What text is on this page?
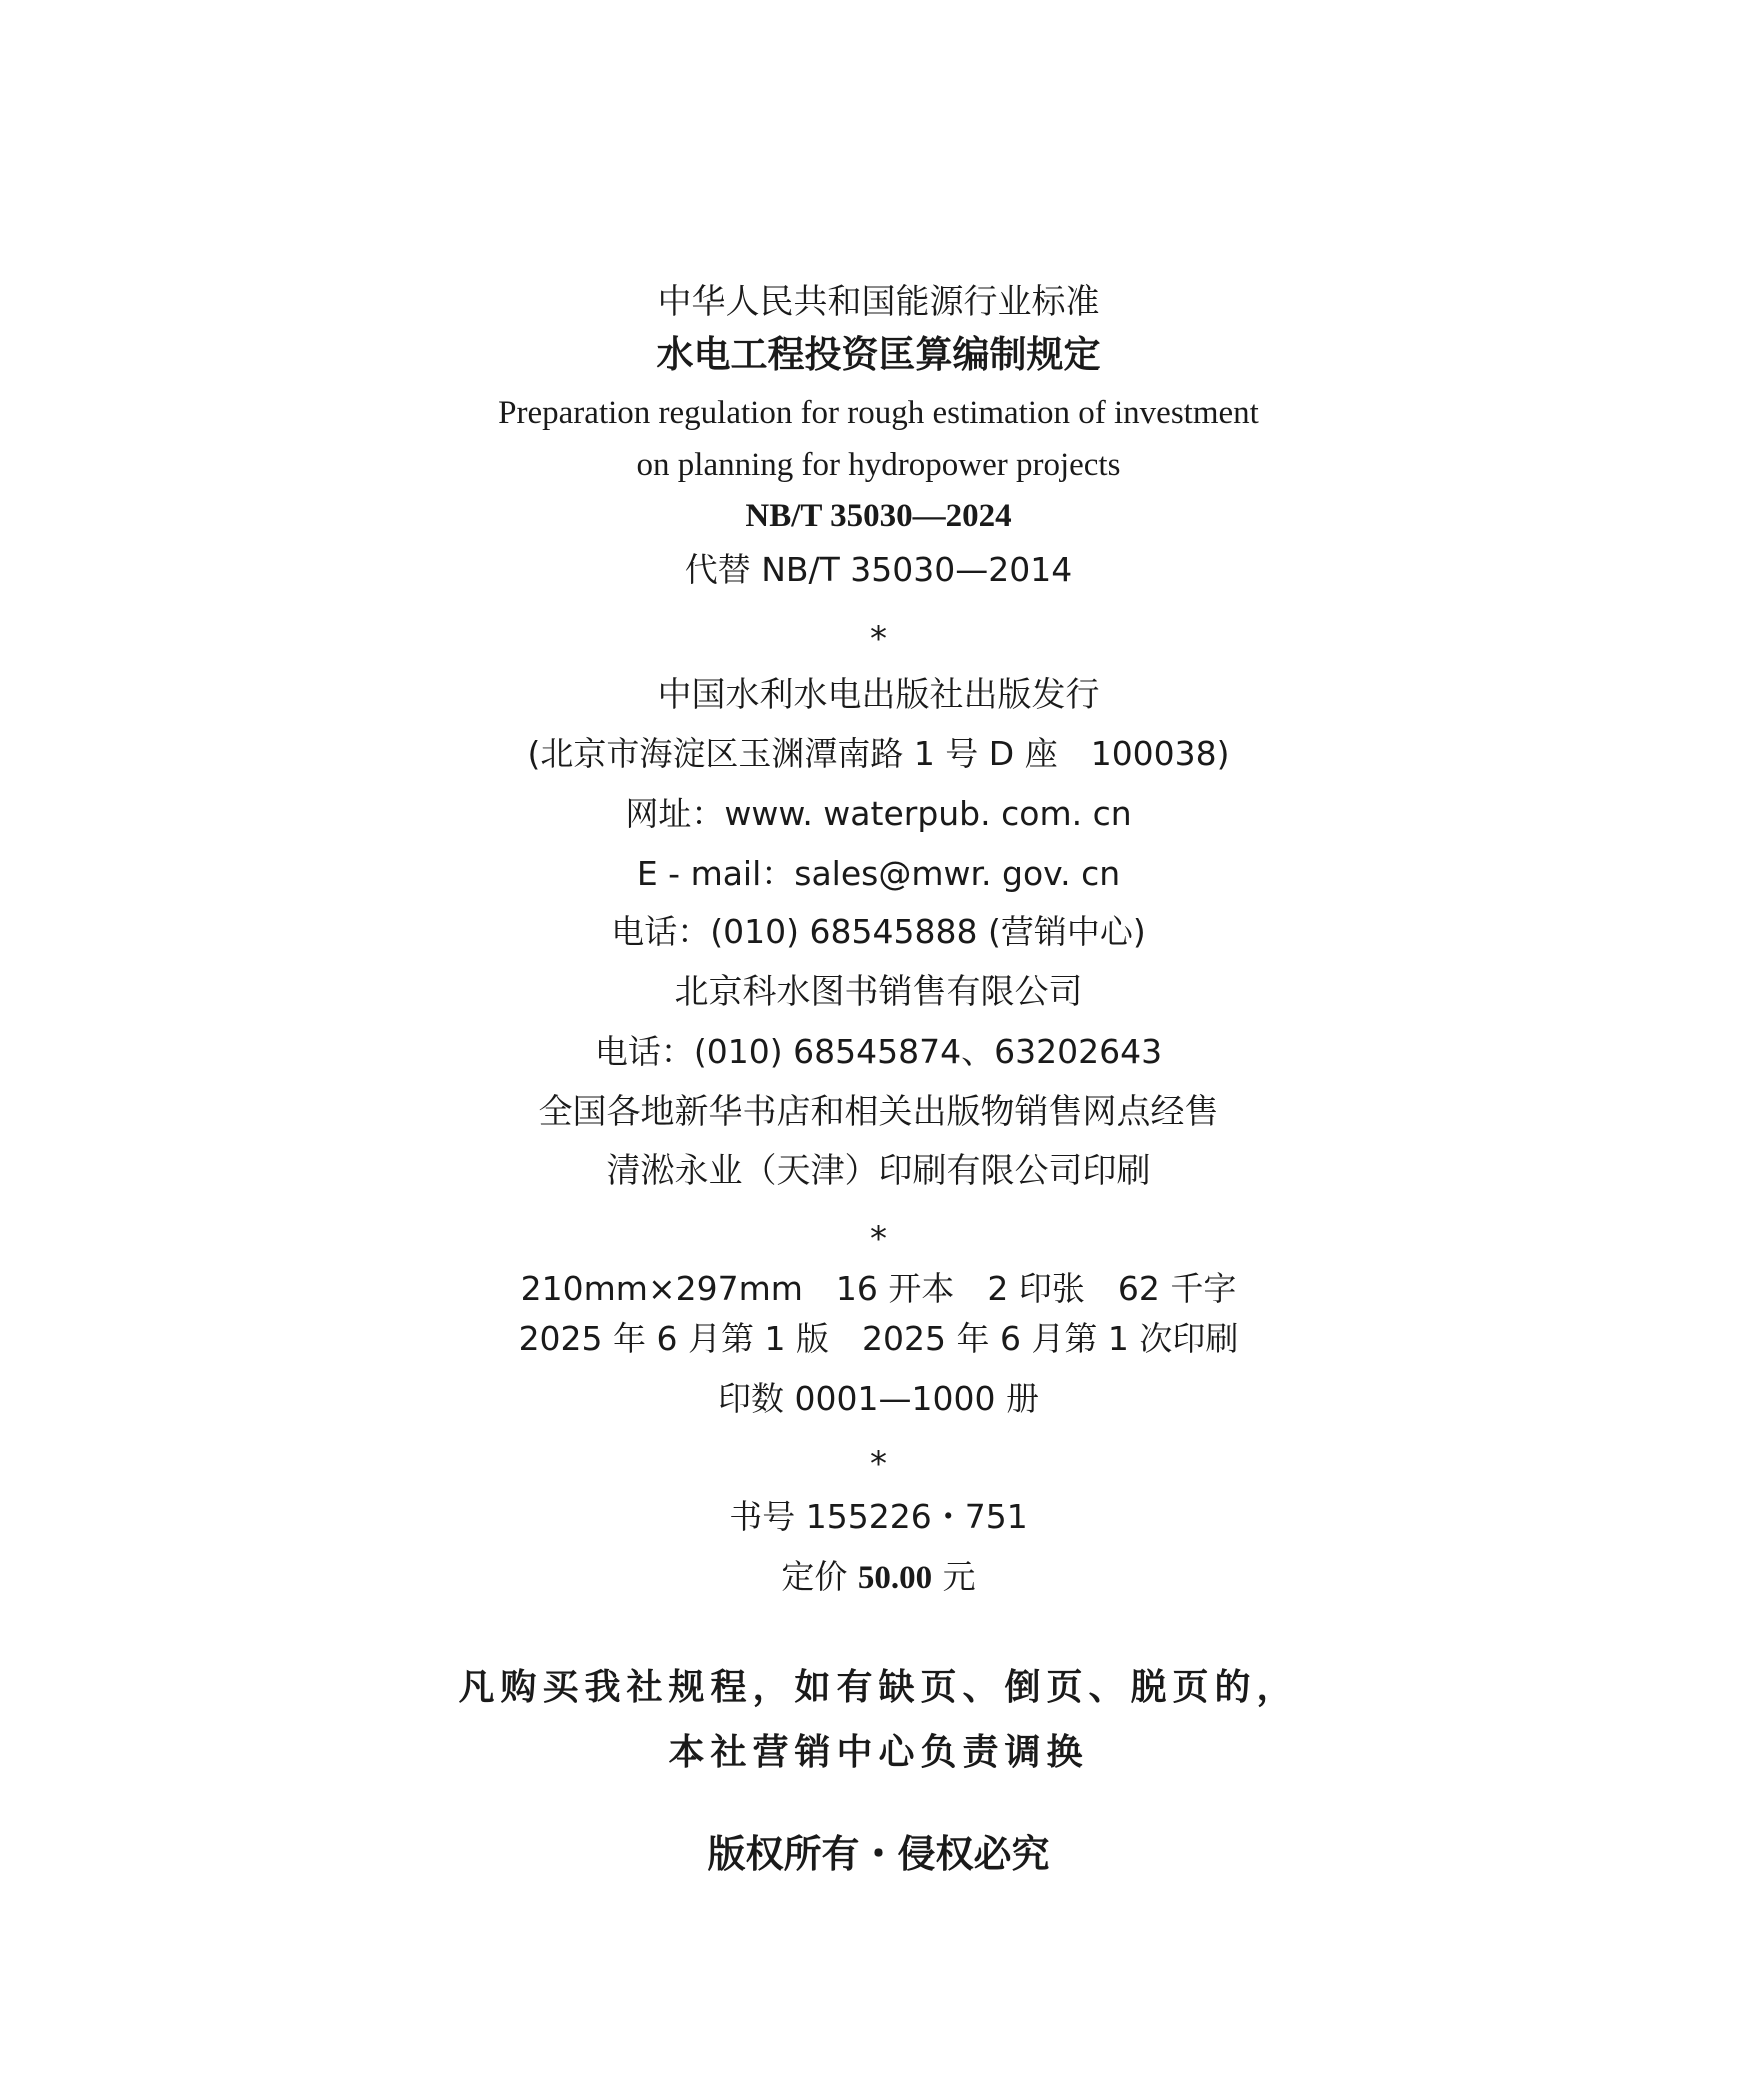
中华人民共和国能源行业标准
水电工程投资匡算编制规定
Preparation regulation for rough estimation of investment
on planning for hydropower projects
NB/T 35030—2024
代替 NB/T 35030—2014
*
中国水利水电出版社出版发行
(北京市海淀区玉渊潭南路 1 号 D 座　100038)
网址：www. waterpub. com. cn
E - mail：sales@mwr. gov. cn
电话：(010) 68545888 (营销中心)
北京科水图书销售有限公司
电话：(010) 68545874、63202643
全国各地新华书店和相关出版物销售网点经售
清淞永业（天津）印刷有限公司印刷
*
210mm×297mm　16 开本　2 印张　62 千字
2025 年 6 月第 1 版　2025 年 6 月第 1 次印刷
印数 0001—1000 册
*
书号 155226・751
定价 50.00 元
凡购买我社规程，如有缺页、倒页、脱页的，
本社营销中心负责调换
版权所有・侵权必究
